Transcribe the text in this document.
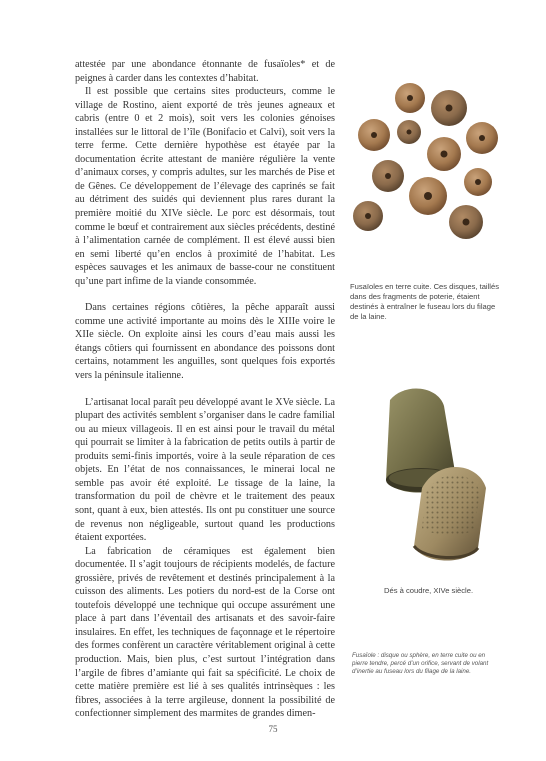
attestée par une abondance étonnante de fusaïoles* et de peignes à carder dans les contextes d’habitat.

Il est possible que certains sites producteurs, comme le village de Rostino, aient exporté de très jeunes agneaux et cabris (entre 0 et 2 mois), soit vers les colonies génoises installées sur le littoral de l’île (Bonifacio et Calvi), soit vers la terre ferme. Cette dernière hypothèse est étayée par la documentation écrite attestant de manière régulière la vente d’animaux corses, y compris adultes, sur les marchés de Pise et de Gênes. Ce développement de l’élevage des caprinés se fait au détriment des suidés qui deviennent plus rares durant la première moitié du XIVe siècle. Le porc est désormais, tout comme le bœuf et contrairement aux siècles précédents, destiné à l’alimentation carnée de complément. Il est élevé aussi bien en semi liberté qu’en enclos à proximité de l’habitat. Les espèces sauvages et les animaux de basse-cour ne constituent qu’une part infime de la viande consommée.

Dans certaines régions côtières, la pêche apparaît aussi comme une activité importante au moins dès le XIIIe voire le XIIe siècle. On exploite ainsi les cours d’eau mais aussi les étangs côtiers qui fournissent en abondance des poissons dont certains, notamment les anguilles, sont quelques fois exportés vers la péninsule italienne.

L’artisanat local paraît peu développé avant le XVe siècle. La plupart des activités semblent s’organiser dans le cadre familial ou au mieux villageois. Il en est ainsi pour le travail du métal qui pourrait se limiter à la fabrication de petits outils à partir de produits semi-finis importés, voire à la seule réparation de ces objets. En l’état de nos connaissances, le minerai local ne semble pas avoir été exploité. Le tissage de la laine, la transformation du poil de chèvre et le traitement des peaux sont, quant à eux, bien attestés. Ils ont pu constituer une source de revenus non négligeable, surtout quand les productions étaient exportées.

La fabrication de céramiques est également bien documentée. Il s’agit toujours de récipients modelés, de facture grossière, privés de revêtement et destinés principalement à la cuisson des aliments. Les potiers du nord-est de la Corse ont toutefois développé une technique qui occupe assurément une place à part dans l’éventail des artisanats et des savoir-faire insulaires. En effet, les techniques de façonnage et le répertoire des formes confèrent un caractère véritablement original à cette production. Mais, bien plus, c’est surtout l’intégration dans l’argile de fibres d’amiante qui fait sa spécificité. Le choix de cette matière première est lié à ses qualités intrinsèques : les fibres, associées à la terre argileuse, donnent la possibilité de confectionner simplement des marmites de grandes dimen-

Fusaïoles en terre cuite. Ces disques, taillés dans des fragments de poterie, étaient destinés à entraîner le fuseau lors du filage de la laine.
Dés à coudre, XIVe siècle.
Fusaïole : disque ou sphère, en terre cuite ou en pierre tendre, percé d’un orifice, servant de volant d’inertie au fuseau lors du filage de la laine.
75
